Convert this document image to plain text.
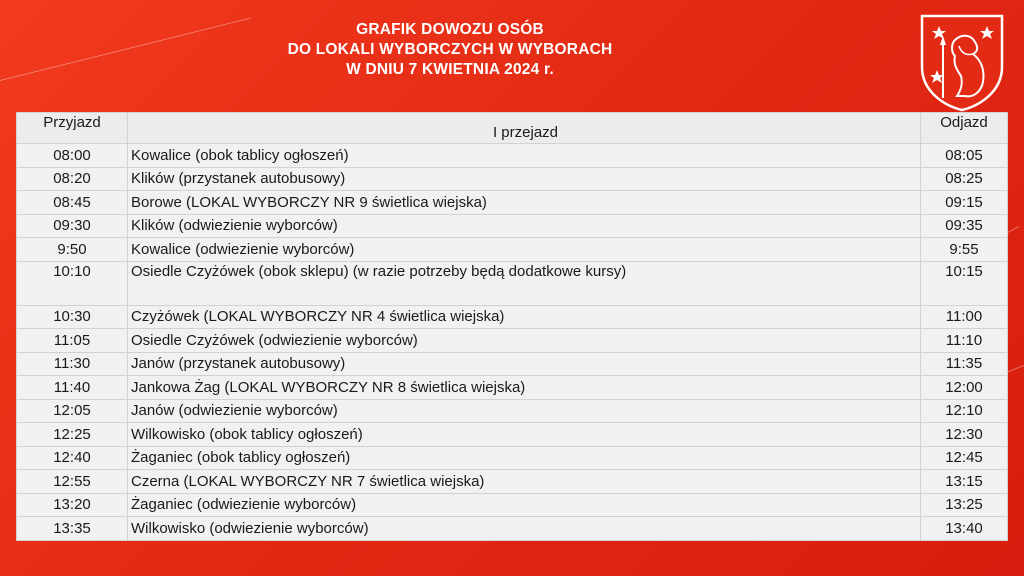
GRAFIK DOWOZU OSÓB
DO LOKALI WYBORCZYCH W WYBORACH
W DNIU 7 KWIETNIA 2024 r.
Przyjazd	I przejazd	Odjazd
08:00	Kowalice (obok tablicy ogłoszeń)	08:05
08:20	Klików (przystanek autobusowy)	08:25
08:45	Borowe (LOKAL WYBORCZY NR 9 świetlica wiejska)	09:15
09:30	Klików (odwiezienie wyborców)	09:35
9:50	Kowalice (odwiezienie wyborców)	9:55
10:10	Osiedle Czyżówek (obok sklepu) (w razie potrzeby będą dodatkowe kursy)	10:15
10:30	Czyżówek (LOKAL WYBORCZY NR 4 świetlica wiejska)	11:00
11:05	Osiedle Czyżówek (odwiezienie wyborców)	11:10
11:30	Janów (przystanek autobusowy)	11:35
11:40	Jankowa Żag (LOKAL WYBORCZY NR 8 świetlica wiejska)	12:00
12:05	Janów (odwiezienie wyborców)	12:10
12:25	Wilkowisko (obok tablicy ogłoszeń)	12:30
12:40	Żaganiec (obok tablicy ogłoszeń)	12:45
12:55	Czerna (LOKAL WYBORCZY NR 7 świetlica wiejska)	13:15
13:20	Żaganiec (odwiezienie wyborców)	13:25
13:35	Wilkowisko (odwiezienie wyborców)	13:40
